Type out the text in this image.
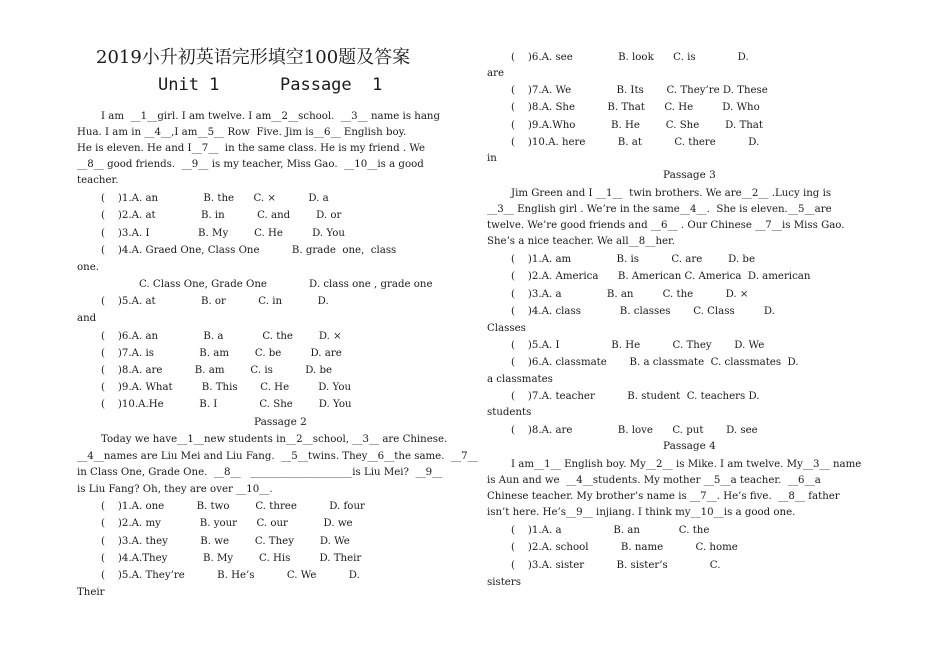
2019小升初英语完形填空100题及答案
Unit 1	Passage  1
I am  __1__girl. I am twelve. I am__2__school.  __3__ name is hang
Hua. I am in __4__,I am__5__ Row  Five. Jim is__6__ English boy.
He is eleven. He and I__7__  in the same class. He is my friend . We
__8__ good friends.  __9__ is my teacher, Miss Gao.  __10__is a good
teacher.
(    )1.A. an              B. the      C. ×          D. a
(    )2.A. at              B. in          C. and        D. or
(    )3.A. I               B. My        C. He         D. You
(    )4.A. Graed One, Class One          B. grade  one,  class
one.
C. Class One, Grade One             D. class one , grade one
(    )5.A. at              B. or          C. in           D.
and
(    )6.A. an              B. a            C. the        D. ×
(    )7.A. is              B. am        C. be         D. are
(    )8.A. are          B. am        C. is          D. be
(    )9.A. What         B. This       C. He         D. You
(    )10.A.He           B. I             C. She        D. You
Today we have__1__new students in__2__school, __3__ are Chinese.
__4__names are Liu Mei and Liu Fang.  __5__twins. They__6__the same.  __7__
in Class One, Grade One.  __8__   ____________________is Liu Mei?  __9__
is Liu Fang? Oh, they are over __10__.
(    )1.A. one          B. two        C. three          D. four
(    )2.A. my            B. your      C. our           D. we
(    )3.A. they          B. we        C. They        D. We
(    )4.A.They           B. My        C. His         D. Their
(    )5.A. They’re          B. He’s          C. We          D.
Their
(    )6.A. see              B. look      C. is             D.
are
(    )7.A. We              B. Its       C. They’re D. These
(    )8.A. She          B. That      C. He         D. Who
(    )9.A.Who           B. He        C. She        D. That
(    )10.A. here          B. at          C. there          D.
in
Jim Green and I __1__  twin brothers. We are__2__ .Lucy ing is
__3__ English girl . We’re in the same__4__.  She is eleven.__5__are
twelve. We’re good friends and __6__ . Our Chinese __7__is Miss Gao.
She’s a nice teacher. We all__8__her.
(    )1.A. am              B. is          C. are        D. be
(    )2.A. America      B. American C. America  D. american
(    )3.A. a              B. an         C. the          D. ×
(    )4.A. class            B. classes       C. Class         D.
Classes
(    )5.A. I                B. He          C. They       D. We
(    )6.A. classmate       B. a classmate  C. classmates  D.
a classmates
(    )7.A. teacher          B. student  C. teachers D.
students
(    )8.A. are              B. love      C. put       D. see
I am__1__ English boy. My__2__ is Mike. I am twelve. My__3__ name
is Aun and we  __4__students. My mother __5__a teacher.  __6__a
Chinese teacher. My brother’s name is __7__. He’s five.  __8__ father
isn’t here. He’s__9__ injiang. I think my__10__is a good one.
(    )1.A. a                B. an            C. the
(    )2.A. school          B. name          C. home
(    )3.A. sister          B. sister’s             C.
sisters
Passage 2
Passage 3
Passage 4
